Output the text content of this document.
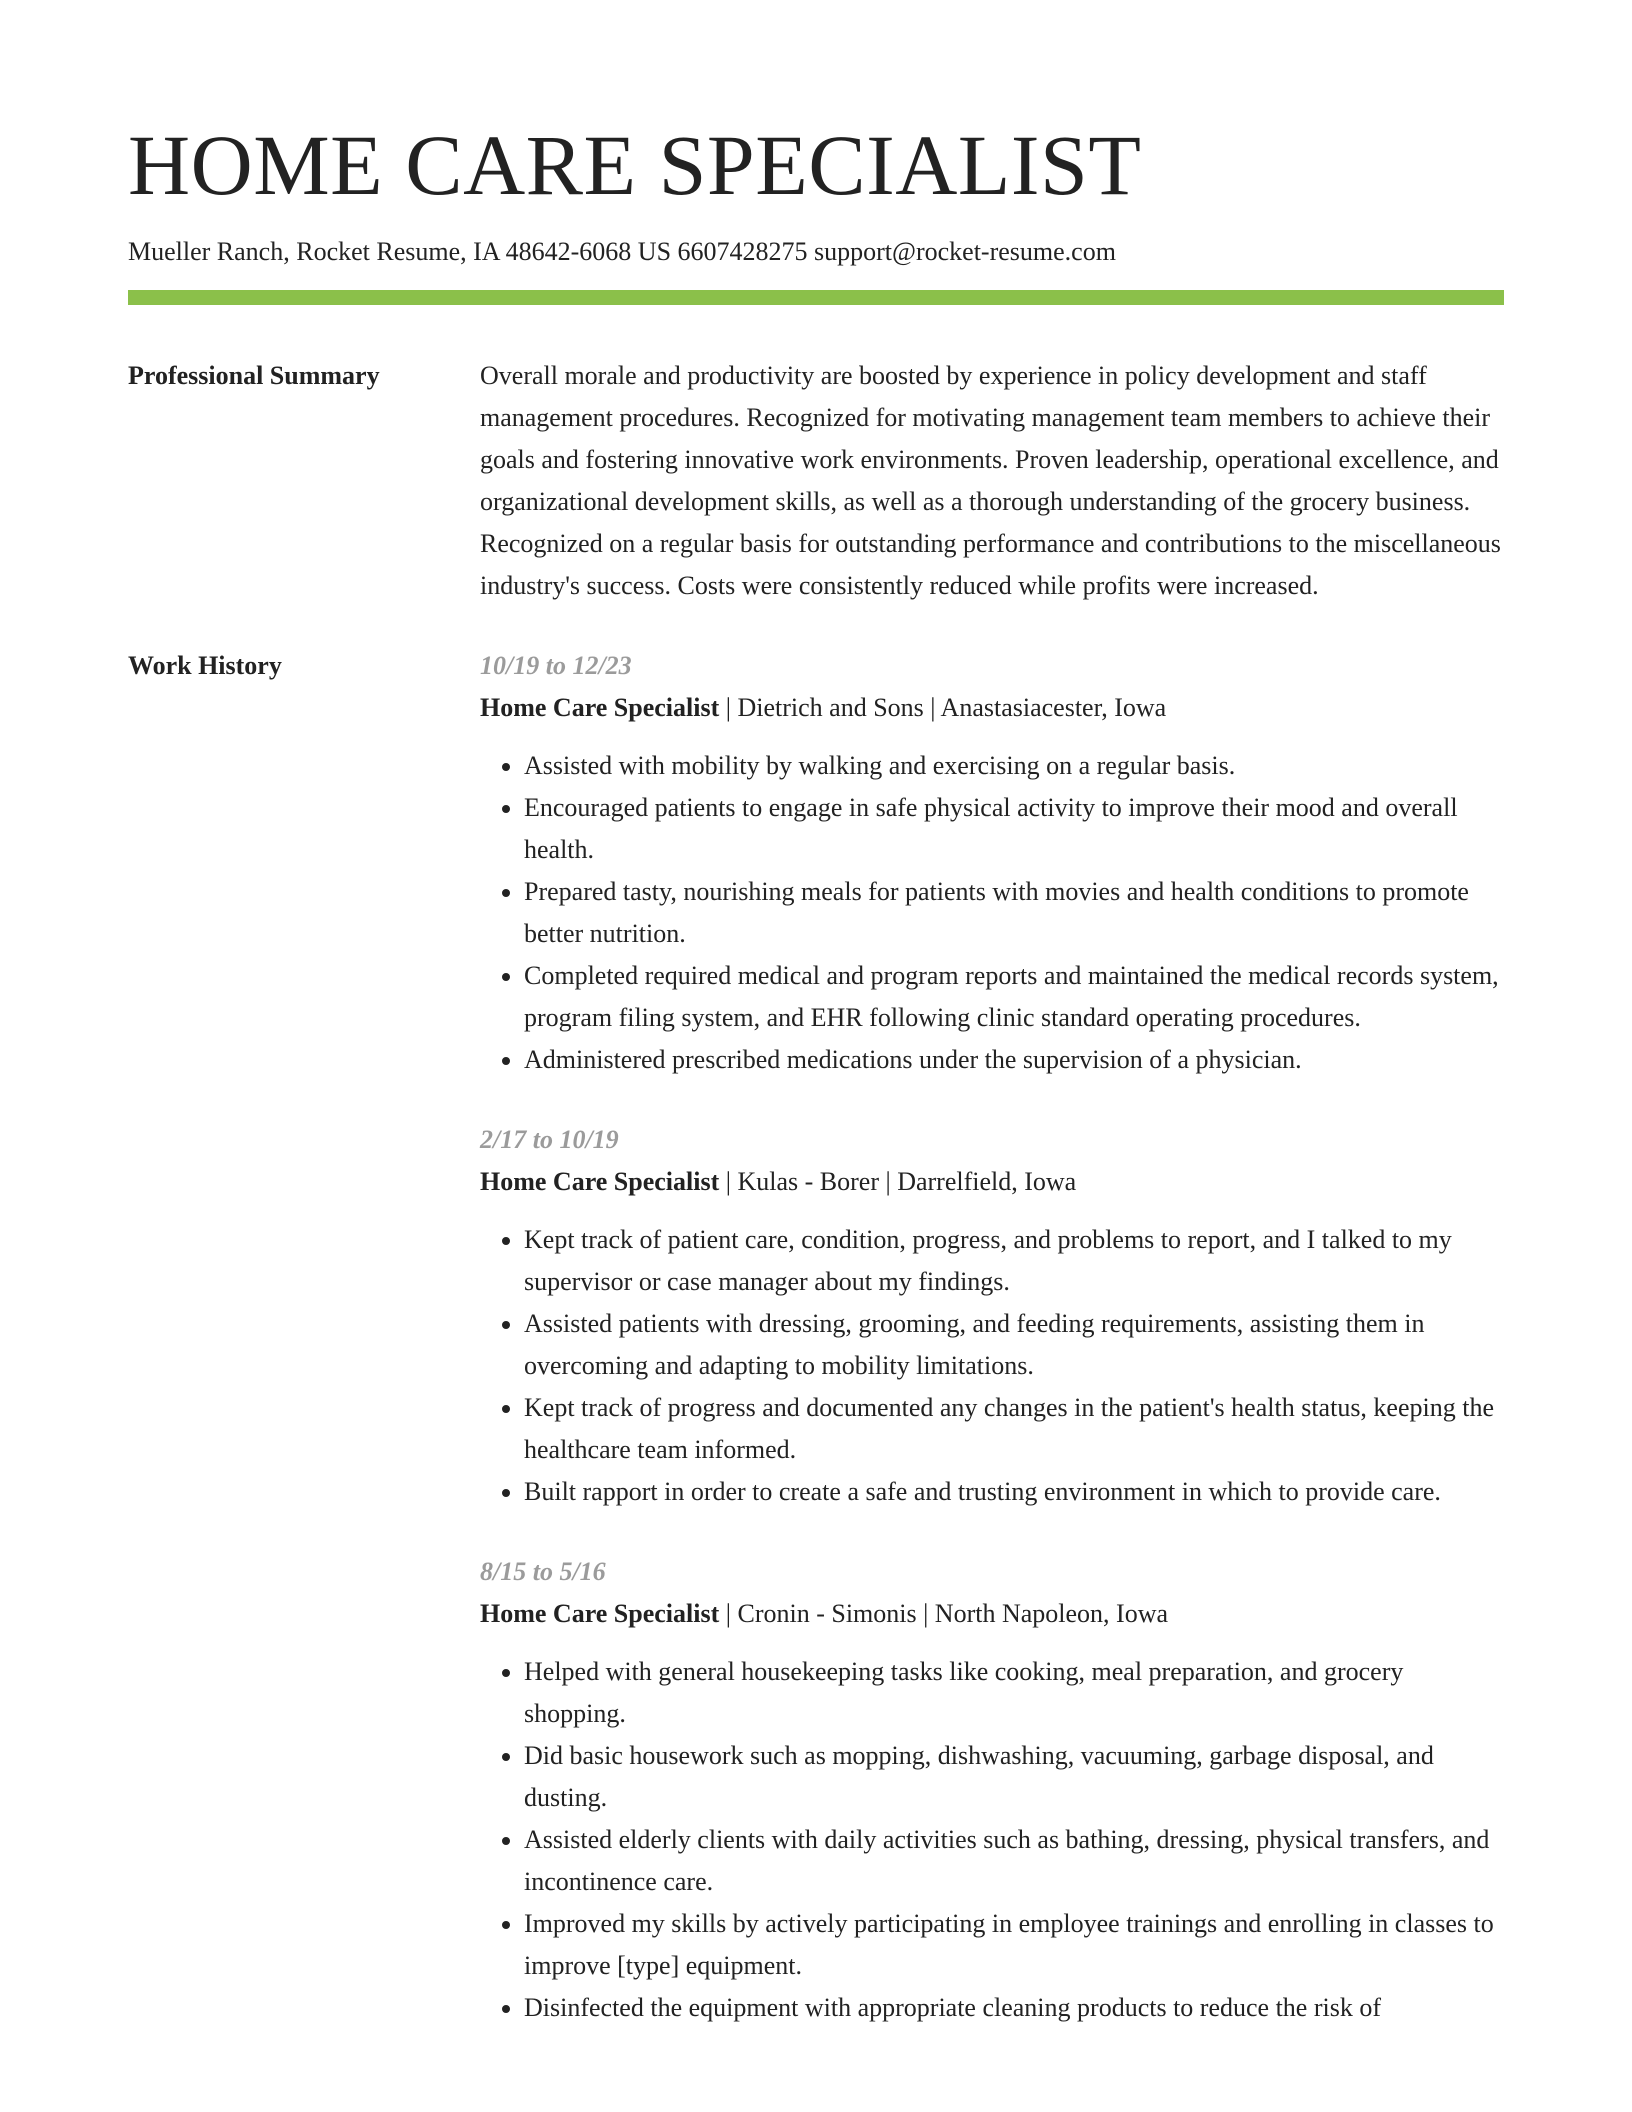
HOME CARE SPECIALIST
Mueller Ranch, Rocket Resume, IA 48642-6068 US 6607428275 support@rocket-resume.com
Professional Summary	Overall morale and productivity are boosted by experience in policy development and staff management procedures. Recognized for motivating management team members to achieve their goals and fostering innovative work environments. Proven leadership, operational excellence, and organizational development skills, as well as a thorough understanding of the grocery business. Recognized on a regular basis for outstanding performance and contributions to the miscellaneous industry's success. Costs were consistently reduced while profits were increased.

Work History	10/19 to 12/23
Home Care Specialist | Dietrich and Sons | Anastasiacester, Iowa
• Assisted with mobility by walking and exercising on a regular basis.
• Encouraged patients to engage in safe physical activity to improve their mood and overall health.
• Prepared tasty, nourishing meals for patients with movies and health conditions to promote better nutrition.
• Completed required medical and program reports and maintained the medical records system, program filing system, and EHR following clinic standard operating procedures.
• Administered prescribed medications under the supervision of a physician.
2/17 to 10/19
Home Care Specialist | Kulas - Borer | Darrelfield, Iowa
• Kept track of patient care, condition, progress, and problems to report, and I talked to my supervisor or case manager about my findings.
• Assisted patients with dressing, grooming, and feeding requirements, assisting them in overcoming and adapting to mobility limitations.
• Kept track of progress and documented any changes in the patient's health status, keeping the healthcare team informed.
• Built rapport in order to create a safe and trusting environment in which to provide care.
8/15 to 5/16
Home Care Specialist | Cronin - Simonis | North Napoleon, Iowa
• Helped with general housekeeping tasks like cooking, meal preparation, and grocery shopping.
• Did basic housework such as mopping, dishwashing, vacuuming, garbage disposal, and dusting.
• Assisted elderly clients with daily activities such as bathing, dressing, physical transfers, and incontinence care.
• Improved my skills by actively participating in employee trainings and enrolling in classes to improve [type] equipment.
• Disinfected the equipment with appropriate cleaning products to reduce the risk of
